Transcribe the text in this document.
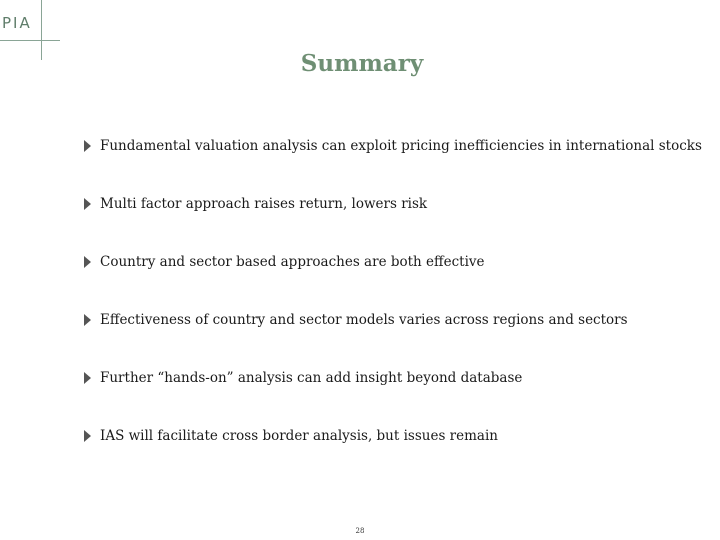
PIA
Summary
Fundamental valuation analysis can exploit pricing inefficiencies in international stocks
Multi factor approach raises return, lowers risk
Country and sector based approaches are both effective
Effectiveness of country and sector models varies across regions and sectors
Further “hands-on” analysis can add insight beyond database
IAS will facilitate cross border analysis, but issues remain
28
